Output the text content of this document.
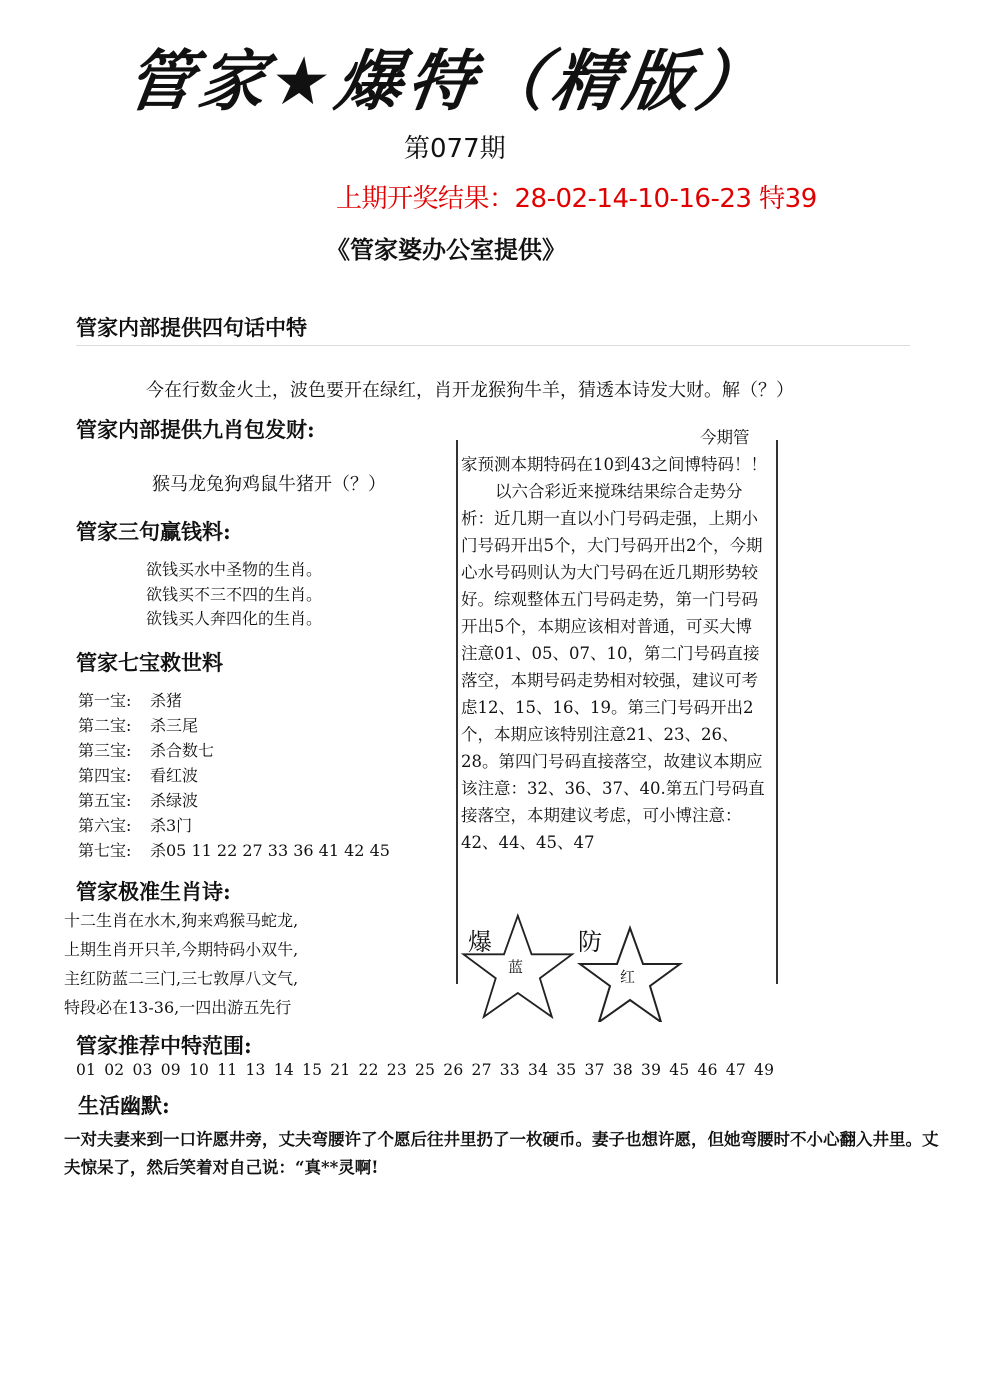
管家★爆特（精版）
第077期
上期开奖结果：28-02-14-10-16-23 特39
《管家婆办公室提供》
管家内部提供四句话中特
今在行数金火土，波色要开在绿红，肖开龙猴狗牛羊，猜透本诗发大财。解（？）
管家内部提供九肖包发财:
猴马龙兔狗鸡鼠牛猪开（？）
管家三句赢钱料:
欲钱买水中圣物的生肖。
欲钱买不三不四的生肖。
欲钱买人奔四化的生肖。
管家七宝救世料
第一宝: 杀猪
第二宝: 杀三尾
第三宝: 杀合数七
第四宝: 看红波
第五宝: 杀绿波
第六宝: 杀3门
第七宝: 杀05 11 22 27 33 36 41 42 45
管家极准生肖诗:
十二生肖在水木,狗来鸡猴马蛇龙,
上期生肖开只羊,今期特码小双牛,
主红防蓝二三门,三七敦厚八文气,
特段必在13-36,一四出游五先行
今期管

家预测本期特码在10到43之间博特码！！

以六合彩近来搅珠结果综合走势分析：近几期一直以小门号码走强，上期小门号码开出5个，大门号码开出2个，今期心水号码则认为大门号码在近几期形势较好。综观整体五门号码走势，第一门号码开出5个，本期应该相对普通，可买大博注意01、05、07、10，第二门号码直接落空，本期号码走势相对较强，建议可考虑12、15、16、19。第三门号码开出2个，本期应该特别注意21、23、26、28。第四门号码直接落空，故建议本期应该注意：32、36、37、40.第五门号码直接落空，本期建议考虑，可小博注意：42、44、45、47

爆	防
蓝
红
管家推荐中特范围:
01 02 03 09 10 11 13 14 15 21 22 23 25 26 27 33 34 35 37 38 39 45 46 47 49
生活幽默:
一对夫妻来到一口许愿井旁，丈夫弯腰许了个愿后往井里扔了一枚硬币。妻子也想许愿，但她弯腰时不小心翻入井里。丈夫惊呆了，然后笑着对自己说：“真**灵啊!
